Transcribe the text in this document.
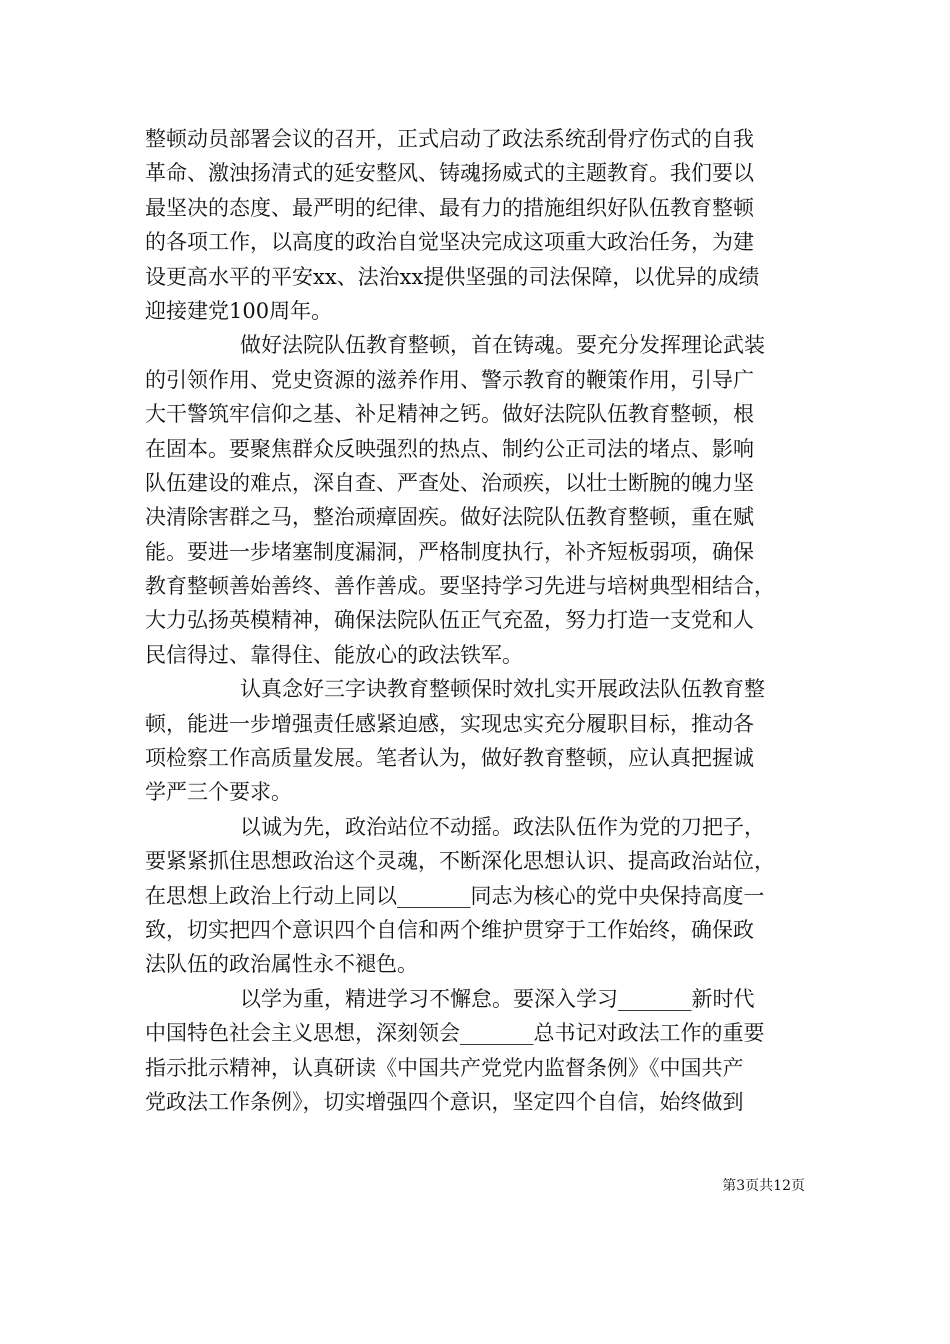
整顿动员部署会议的召开，正式启动了政法系统刮骨疗伤式的自我
革命、激浊扬清式的延安整风、铸魂扬威式的主题教育。我们要以
最坚决的态度、最严明的纪律、最有力的措施组织好队伍教育整顿
的各项工作，以高度的政治自觉坚决完成这项重大政治任务，为建
设更高水平的平安xx、法治xx提供坚强的司法保障，以优异的成绩
迎接建党100周年。
做好法院队伍教育整顿，首在铸魂。要充分发挥理论武装
的引领作用、党史资源的滋养作用、警示教育的鞭策作用，引导广
大干警筑牢信仰之基、补足精神之钙。做好法院队伍教育整顿，根
在固本。要聚焦群众反映强烈的热点、制约公正司法的堵点、影响
队伍建设的难点，深自查、严查处、治顽疾，以壮士断腕的魄力坚
决清除害群之马，整治顽瘴固疾。做好法院队伍教育整顿，重在赋
能。要进一步堵塞制度漏洞，严格制度执行，补齐短板弱项，确保
教育整顿善始善终、善作善成。要坚持学习先进与培树典型相结合，
大力弘扬英模精神，确保法院队伍正气充盈，努力打造一支党和人
民信得过、靠得住、能放心的政法铁军。
认真念好三字诀教育整顿保时效扎实开展政法队伍教育整
顿，能进一步增强责任感紧迫感，实现忠实充分履职目标，推动各
项检察工作高质量发展。笔者认为，做好教育整顿，应认真把握诚
学严三个要求。
以诚为先，政治站位不动摇。政法队伍作为党的刀把子，
要紧紧抓住思想政治这个灵魂，不断深化思想认识、提高政治站位，
在思想上政治上行动上同以_______同志为核心的党中央保持高度一
致，切实把四个意识四个自信和两个维护贯穿于工作始终，确保政
法队伍的政治属性永不褪色。
以学为重，精进学习不懈怠。要深入学习_______新时代
中国特色社会主义思想，深刻领会_______总书记对政法工作的重要
指示批示精神，认真研读《中国共产党党内监督条例》《中国共产
党政法工作条例》，切实增强四个意识，坚定四个自信，始终做到
第3页共12页
